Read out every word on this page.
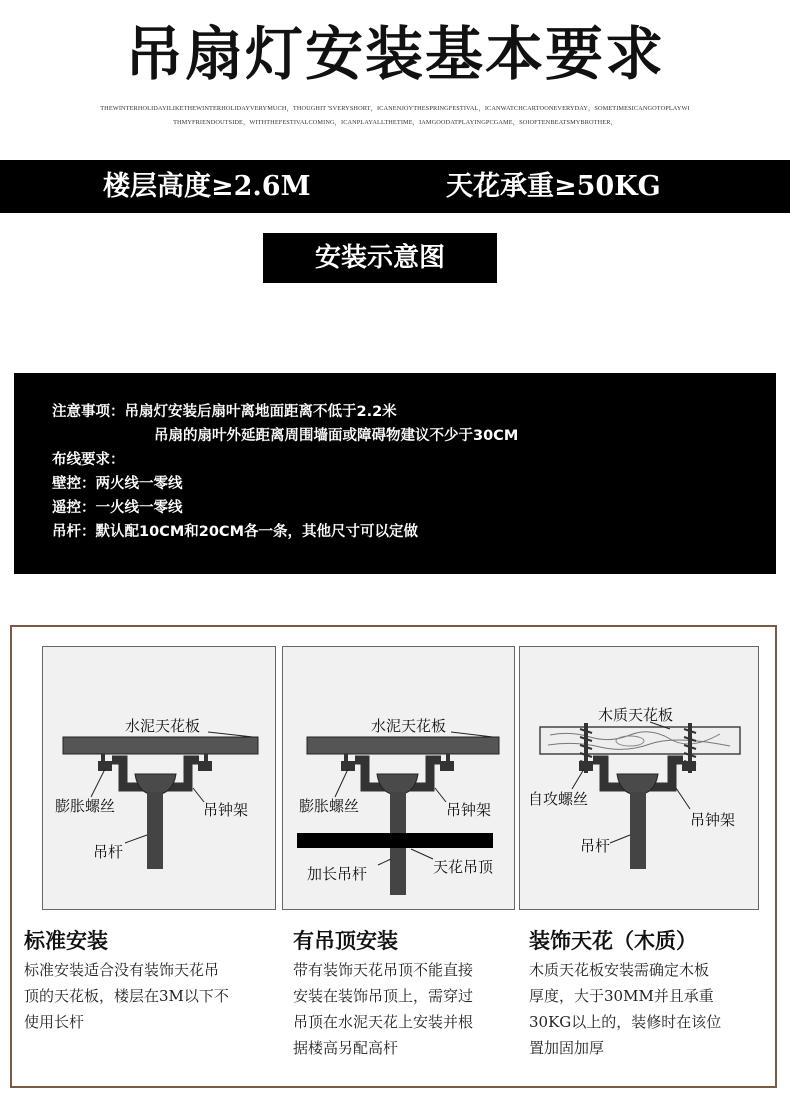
吊扇灯安装基本要求
THEWINTERHOLIDAYILIKETHEWINTERHOLIDAYVERYMUCH，THOUGHIT 'SVERYSHORT，ICANENJOYTHESPRINGFESTIVAL，ICANWATCHCARTOONEVERYDAY，SOMETIMESICANGOTOPLAYWI
THMYFRIENDOUTSIDE，WITHTHEFESTIVALCOMING，ICANPLAYALLTHETIME，IAMGOODATPLAYINGPCGAME，SOIOFTENBEATSMYBROTHER，
楼层高度≥2.6M	天花承重≥50KG
安装示意图
注意事项：吊扇灯安装后扇叶离地面距离不低于2.2米
吊扇的扇叶外延距离周围墙面或障碍物建议不少于30CM
布线要求：
壁控：两火线一零线
遥控：一火线一零线
吊杆：默认配10CM和20CM各一条，其他尺寸可以定做
水泥天花板
膨胀螺丝	吊钟架
吊杆
水泥天花板
膨胀螺丝	吊钟架
加长吊杆	天花吊顶
木质天花板
自攻螺丝
吊钟架
吊杆
标准安装
标准安装适合没有装饰天花吊
顶的天花板，楼层在3M以下不
使用长杆
有吊顶安装
带有装饰天花吊顶不能直接
安装在装饰吊顶上，需穿过
吊顶在水泥天花上安装并根
据楼高另配高杆
装饰天花（木质）
木质天花板安装需确定木板
厚度，大于30MM并且承重
30KG以上的，装修时在该位
置加固加厚
